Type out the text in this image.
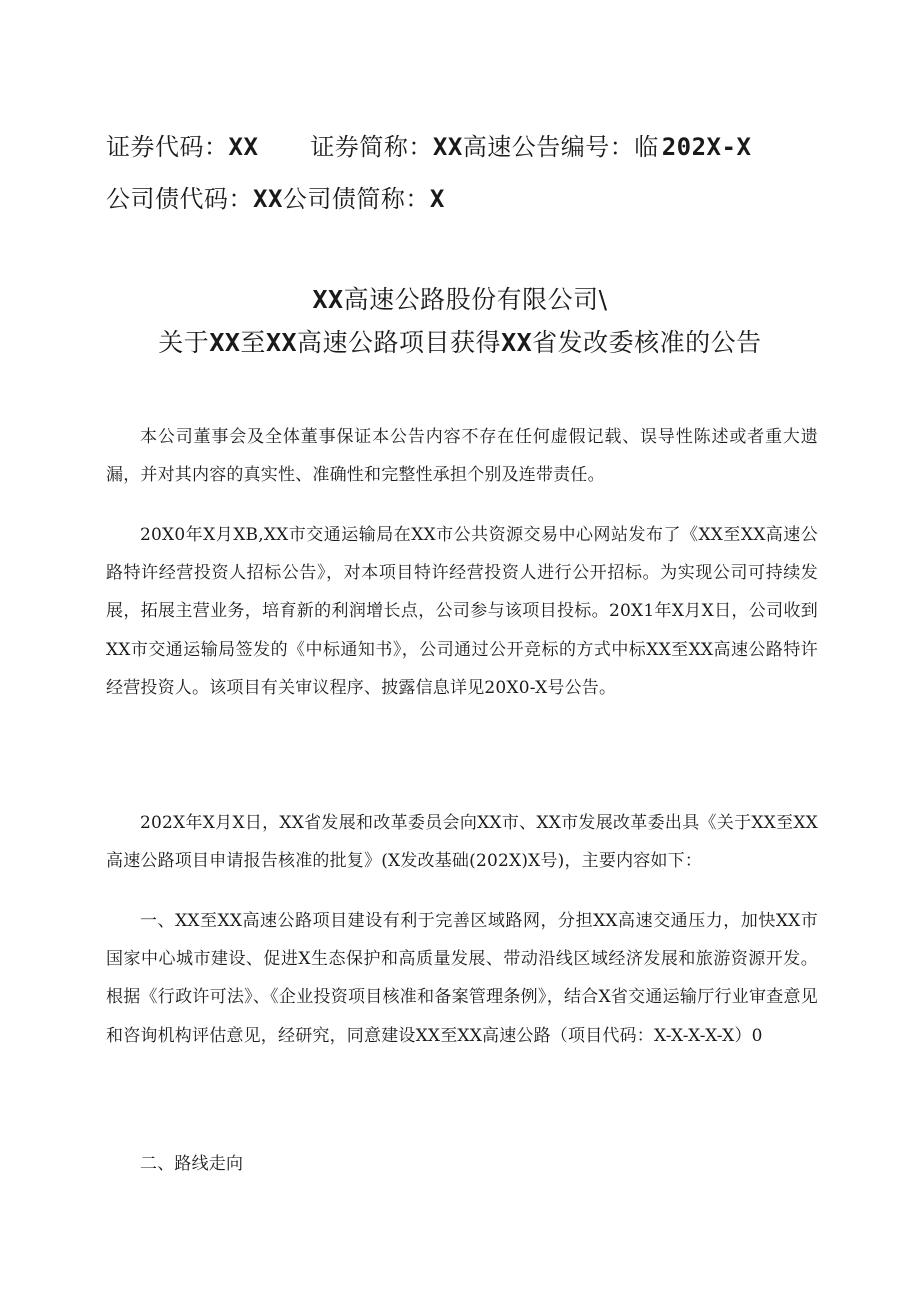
证券代码：XX 证券简称：XX高速公告编号：临  202X-X
公司债代码：XX公司债简称：X
XX高速公路股份有限公司\
关于XX至XX高速公路项目获得XX省发改委核准的公告

本公司董事会及全体董事保证本公告内容不存在任何虚假记载、误导性陈述或者重大遗漏，并对其内容的真实性、准确性和完整性承担个别及连带责任。

20X0年X月XB,XX市交通运输局在XX市公共资源交易中心网站发布了《XX至XX高速公路特许经营投资人招标公告》，对本项目特许经营投资人进行公开招标。为实现公司可持续发展，拓展主营业务，培育新的利润增长点，公司参与该项目投标。20X1年X月X日，公司收到XX市交通运输局签发的《中标通知书》，公司通过公开竞标的方式中标XX至XX高速公路特许经营投资人。该项目有关审议程序、披露信息详见20X0-X号公告。

202X年X月X日，XX省发展和改革委员会向XX市、XX市发展改革委出具《关于XX至XX高速公路项目申请报告核准的批复》(X发改基础(202X)X号)，主要内容如下：

一、XX至XX高速公路项目建设有利于完善区域路网，分担XX高速交通压力，加快XX市国家中心城市建设、促进X生态保护和高质量发展、带动沿线区域经济发展和旅游资源开发。根据《行政许可法》、《企业投资项目核准和备案管理条例》，结合X省交通运输厅行业审查意见和咨询机构评估意见，经研究，同意建设XX至XX高速公路（项目代码：X-X-X-X-X）0

二、路线走向
